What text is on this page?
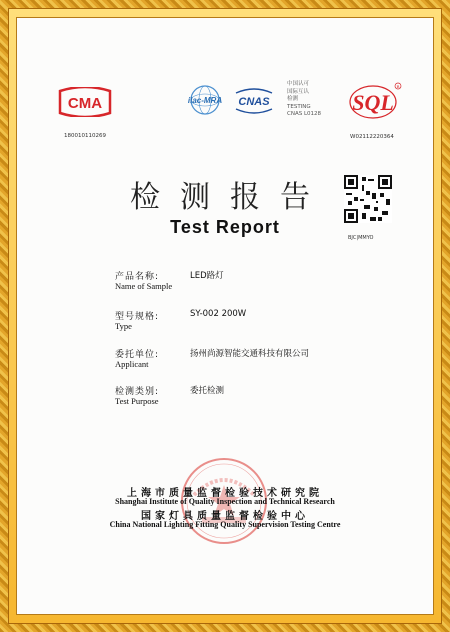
CMA
180010110269
ilac-MRA CNAS
中国认可
国际互认
检测
TESTING
CNAS L0128	SQL
R
W02112220364
检测报告
Test Report
BJC|MMYO
产品名称:
Name of Sample
LED路灯
型号规格:
Type
SY-002 200W
委托单位:
Applicant
扬州尚源智能交通科技有限公司
检测类别:
Test Purpose
委托检测
上海市质量监督检验技术研究院
Shanghai Institute of Quality Inspection and Technical Research
国家灯具质量监督检验中心
China National Lighting Fitting Quality Supervision Testing Centre
